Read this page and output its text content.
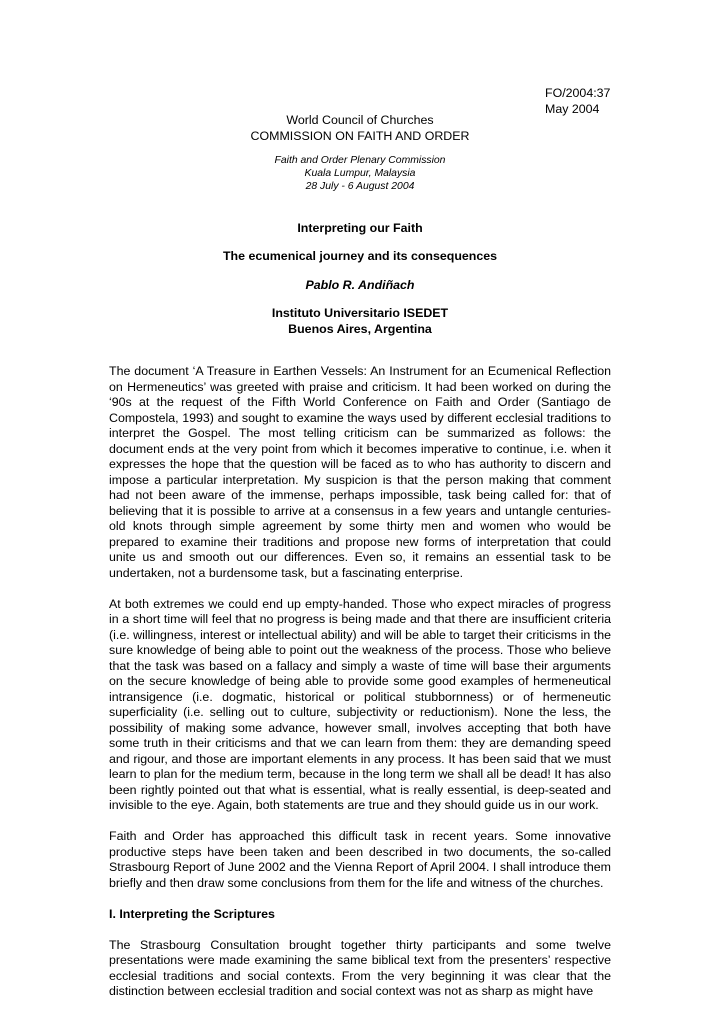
FO/2004:37
May 2004
World Council of Churches
COMMISSION ON FAITH AND ORDER
Faith and Order Plenary Commission
Kuala Lumpur, Malaysia
28 July - 6 August 2004
Interpreting our Faith
The ecumenical journey and its consequences
Pablo R. Andiñach
Instituto Universitario ISEDET
Buenos Aires, Argentina

The document ‘A Treasure in Earthen Vessels: An Instrument for an Ecumenical Reflection on Hermeneutics’ was greeted with praise and criticism. It had been worked on during the ‘90s at the request of the Fifth World Conference on Faith and Order (Santiago de Compostela, 1993) and sought to examine the ways used by different ecclesial traditions to interpret the Gospel. The most telling criticism can be summarized as follows: the document ends at the very point from which it becomes imperative to continue, i.e. when it expresses the hope that the question will be faced as to who has authority to discern and impose a particular interpretation. My suspicion is that the person making that comment had not been aware of the immense, perhaps impossible, task being called for: that of believing that it is possible to arrive at a consensus in a few years and untangle centuries-old knots through simple agreement by some thirty men and women who would be prepared to examine their traditions and propose new forms of interpretation that could unite us and smooth out our differences. Even so, it remains an essential task to be undertaken, not a burdensome task, but a fascinating enterprise.

At both extremes we could end up empty-handed. Those who expect miracles of progress in a short time will feel that no progress is being made and that there are insufficient criteria (i.e. willingness, interest or intellectual ability) and will be able to target their criticisms in the sure knowledge of being able to point out the weakness of the process. Those who believe that the task was based on a fallacy and simply a waste of time will base their arguments on the secure knowledge of being able to provide some good examples of hermeneutical intransigence (i.e. dogmatic, historical or political stubbornness) or of hermeneutic superficiality (i.e. selling out to culture, subjectivity or reductionism). None the less, the possibility of making some advance, however small, involves accepting that both have some truth in their criticisms and that we can learn from them: they are demanding speed and rigour, and those are important elements in any process. It has been said that we must learn to plan for the medium term, because in the long term we shall all be dead! It has also been rightly pointed out that what is essential, what is really essential, is deep-seated and invisible to the eye. Again, both statements are true and they should guide us in our work.

Faith and Order has approached this difficult task in recent years. Some innovative productive steps have been taken and been described in two documents, the so-called Strasbourg Report of June 2002 and the Vienna Report of April 2004. I shall introduce them briefly and then draw some conclusions from them for the life and witness of the churches.

I. Interpreting the Scriptures

The Strasbourg Consultation brought together thirty participants and some twelve presentations were made examining the same biblical text from the presenters’ respective ecclesial traditions and social contexts. From the very beginning it was clear that the distinction between ecclesial tradition and social context was not as sharp as might have
